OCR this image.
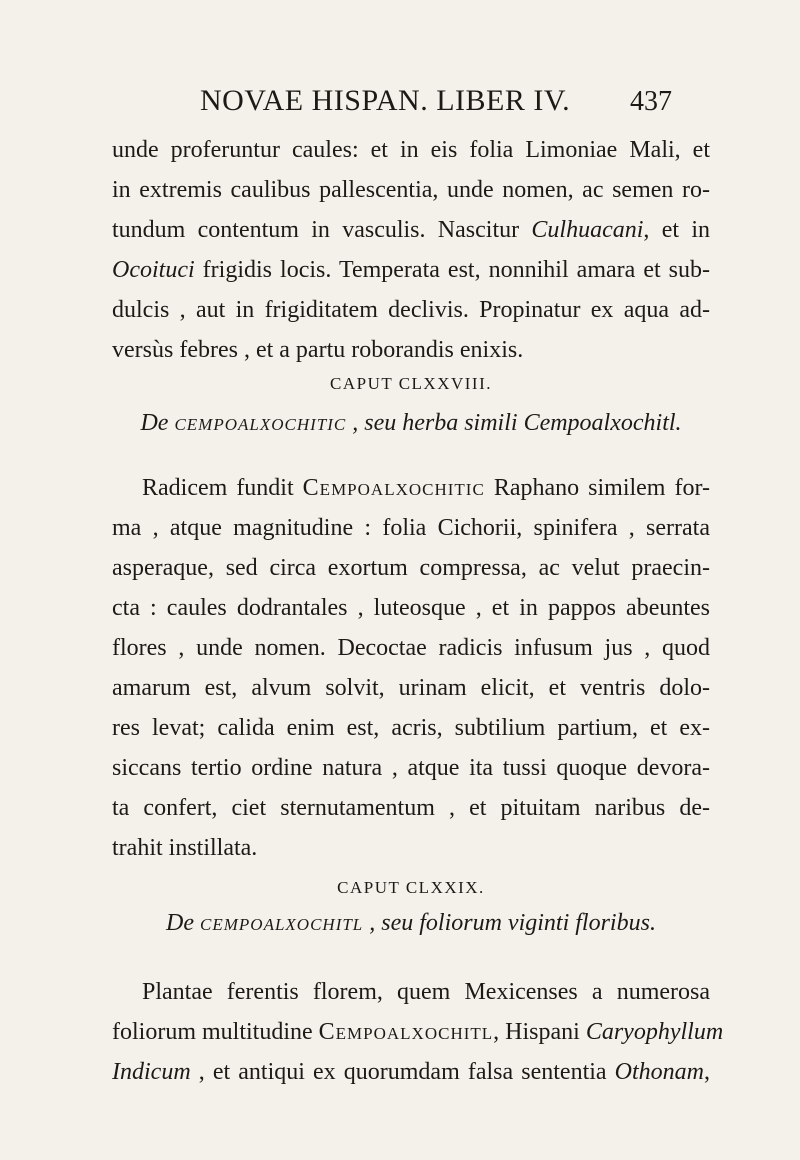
NOVAE HISPAN. LIBER IV. 437
unde proferuntur caules: et in eis folia Limoniae Mali, et
in extremis caulibus pallescentia, unde nomen, ac semen ro-
tundum contentum in vasculis. Nascitur Culhuacani, et in
Ocoituci frigidis locis. Temperata est, nonnihil amara et sub-
dulcis , aut in frigiditatem declivis. Propinatur ex aqua ad-
versùs febres , et a partu roborandis enixis.
CAPUT CLXXVIII.
De cempoalxochitic , seu herba simili Cempoalxochitl.
Radicem fundit Cempoalxochitic Raphano similem for-
ma , atque magnitudine : folia Cichorii, spinifera , serrata
asperaque, sed circa exortum compressa, ac velut praecin-
cta : caules dodrantales , luteosque , et in pappos abeuntes
flores , unde nomen. Decoctae radicis infusum jus , quod
amarum est, alvum solvit, urinam elicit, et ventris dolo-
res levat; calida enim est, acris, subtilium partium, et ex-
siccans tertio ordine natura , atque ita tussi quoque devora-
ta confert, ciet sternutamentum , et pituitam naribus de-
trahit instillata.
CAPUT CLXXIX.
De cempoalxochitl , seu foliorum viginti floribus.
Plantae ferentis florem, quem Mexicenses a numerosa
foliorum multitudine Cempoalxochitl, Hispani Caryophyllum
Indicum , et antiqui ex quorumdam falsa sententia Othonam,
